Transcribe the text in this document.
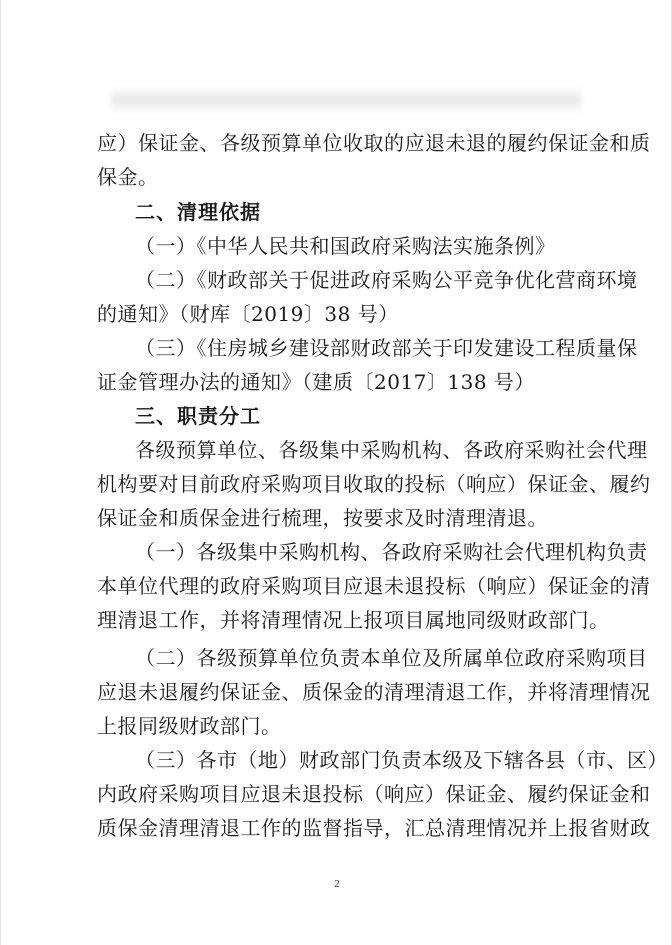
应）保证金、各级预算单位收取的应退未退的履约保证金和质
保金。
二、清理依据
（一）《中华人民共和国政府采购法实施条例》
（二）《财政部关于促进政府采购公平竞争优化营商环境
的通知》（财库〔2019〕38 号）
（三）《住房城乡建设部财政部关于印发建设工程质量保
证金管理办法的通知》（建质〔2017〕138 号）
三、职责分工
各级预算单位、各级集中采购机构、各政府采购社会代理
机构要对目前政府采购项目收取的投标（响应）保证金、履约
保证金和质保金进行梳理，按要求及时清理清退。
（一）各级集中采购机构、各政府采购社会代理机构负责
本单位代理的政府采购项目应退未退投标（响应）保证金的清
理清退工作，并将清理情况上报项目属地同级财政部门。
（二）各级预算单位负责本单位及所属单位政府采购项目
应退未退履约保证金、质保金的清理清退工作，并将清理情况
上报同级财政部门。
（三）各市（地）财政部门负责本级及下辖各县（市、区）
内政府采购项目应退未退投标（响应）保证金、履约保证金和
质保金清理清退工作的监督指导，汇总清理情况并上报省财政
2
